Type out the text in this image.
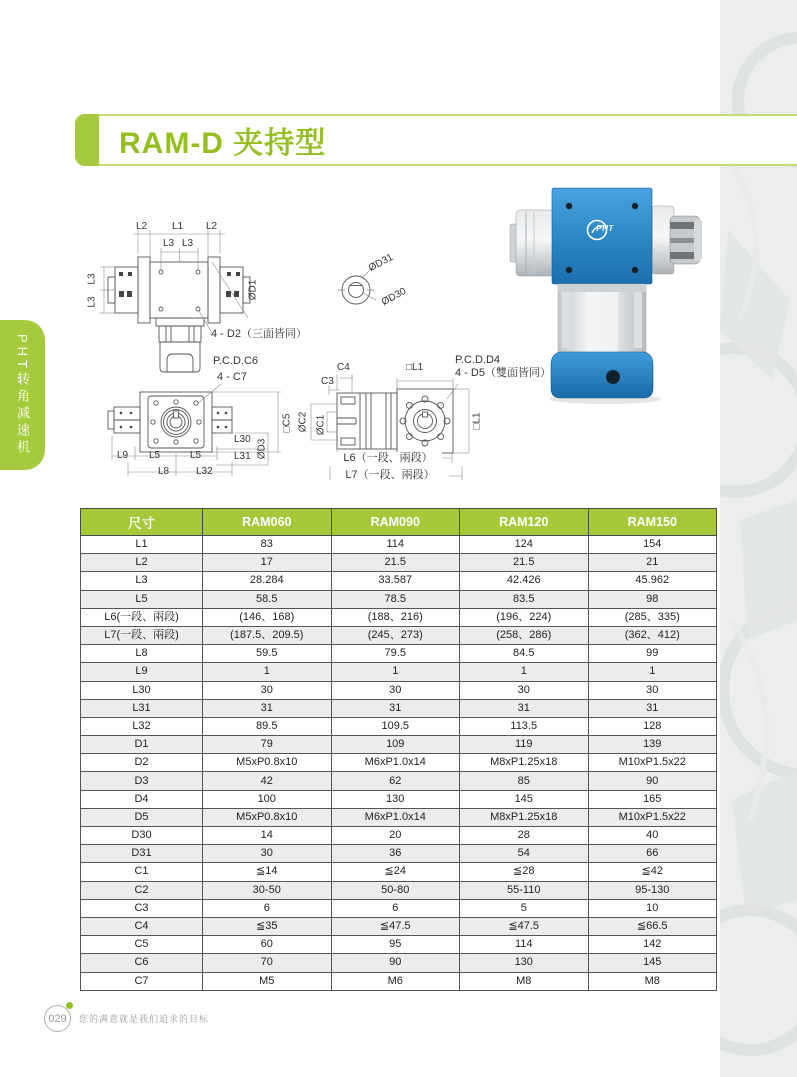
RAM-D 夹持型
PHT转角减速机
L2 L1 L2
L3 L3
L3
L3
ØD1
4 - D2（三面皆同）
ØD31
ØD30
P.C.D.C6
4 - C7
□C5
L30 ØD3
L31
L9 L5	L5
L8	L32
C4
C3
□L1
P.C.D.D4
4 - D5（雙面皆同）
ØC2 ØC1	□L1
L6（一段、兩段）
L7（一段、兩段）
PHT
尺寸	RAM060	RAM090	RAM120	RAM150
L1	83	114	124	154
L2	17	21.5	21.5	21
L3	28.284	33.587	42.426	45.962
L5	58.5	78.5	83.5	98
L6(一段、兩段)	(146、168)	(188、216)	(196、224)	(285、335)
L7(一段、兩段)	(187.5、209.5)	(245、273)	(258、286)	(362、412)
L8	59.5	79.5	84.5	99
L9	1	1	1	1
L30	30	30	30	30
L31	31	31	31	31
L32	89.5	109.5	113.5	128
D1	79	109	119	139
D2	M5xP0.8x10	M6xP1.0x14	M8xP1.25x18	M10xP1.5x22
D3	42	62	85	90
D4	100	130	145	165
D5	M5xP0.8x10	M6xP1.0x14	M8xP1.25x18	M10xP1.5x22
D30	14	20	28	40
D31	30	36	54	66
C1	≦14	≦24	≦28	≦42
C2	30-50	50-80	55-110	95-130
C3	6	6	5	10
C4	≦35	≦47.5	≦47.5	≦66.5
C5	60	95	114	142
C6	70	90	130	145
C7	M5	M6	M8	M8
029 您的满意就是我们追求的目标
